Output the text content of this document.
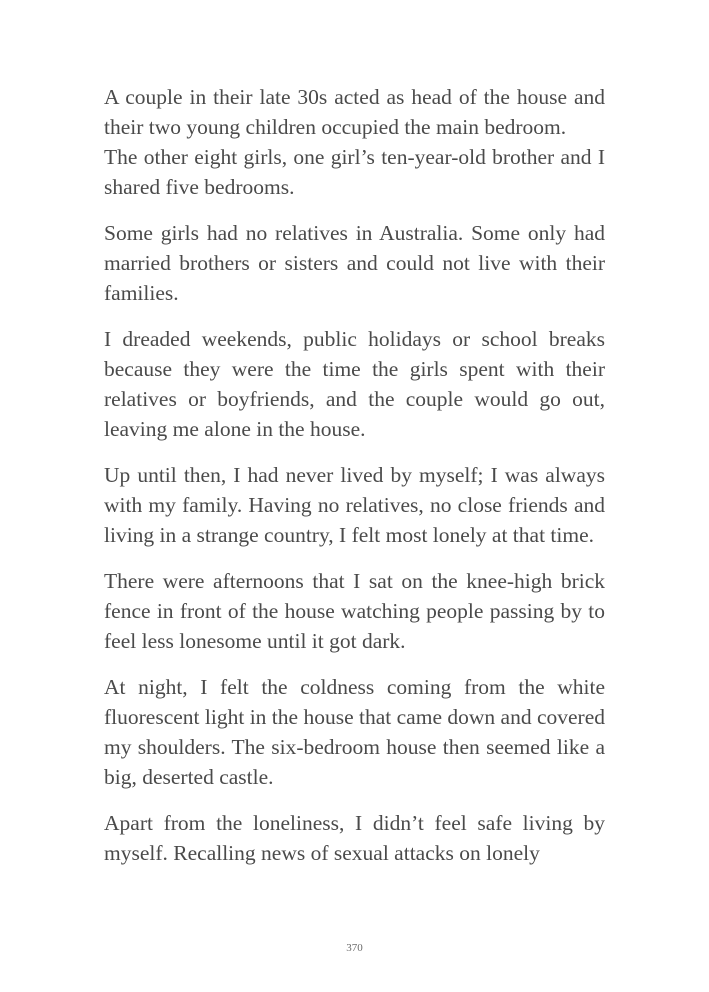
A couple in their late 30s acted as head of the house and their two young children occupied the main bedroom.

The other eight girls, one girl’s ten-year-old brother and I shared five bedrooms.

Some girls had no relatives in Australia. Some only had married brothers or sisters and could not live with their families.

I dreaded weekends, public holidays or school breaks because they were the time the girls spent with their relatives or boyfriends, and the couple would go out, leaving me alone in the house.

Up until then, I had never lived by myself; I was always with my family. Having no relatives, no close friends and living in a strange country, I felt most lonely at that time.

There were afternoons that I sat on the knee-high brick fence in front of the house watching people passing by to feel less lonesome until it got dark.

At night, I felt the coldness coming from the white fluorescent light in the house that came down and covered my shoulders. The six-bedroom house then seemed like a big, deserted castle.

Apart from the loneliness, I didn’t feel safe living by myself. Recalling news of sexual attacks on lonely

370
